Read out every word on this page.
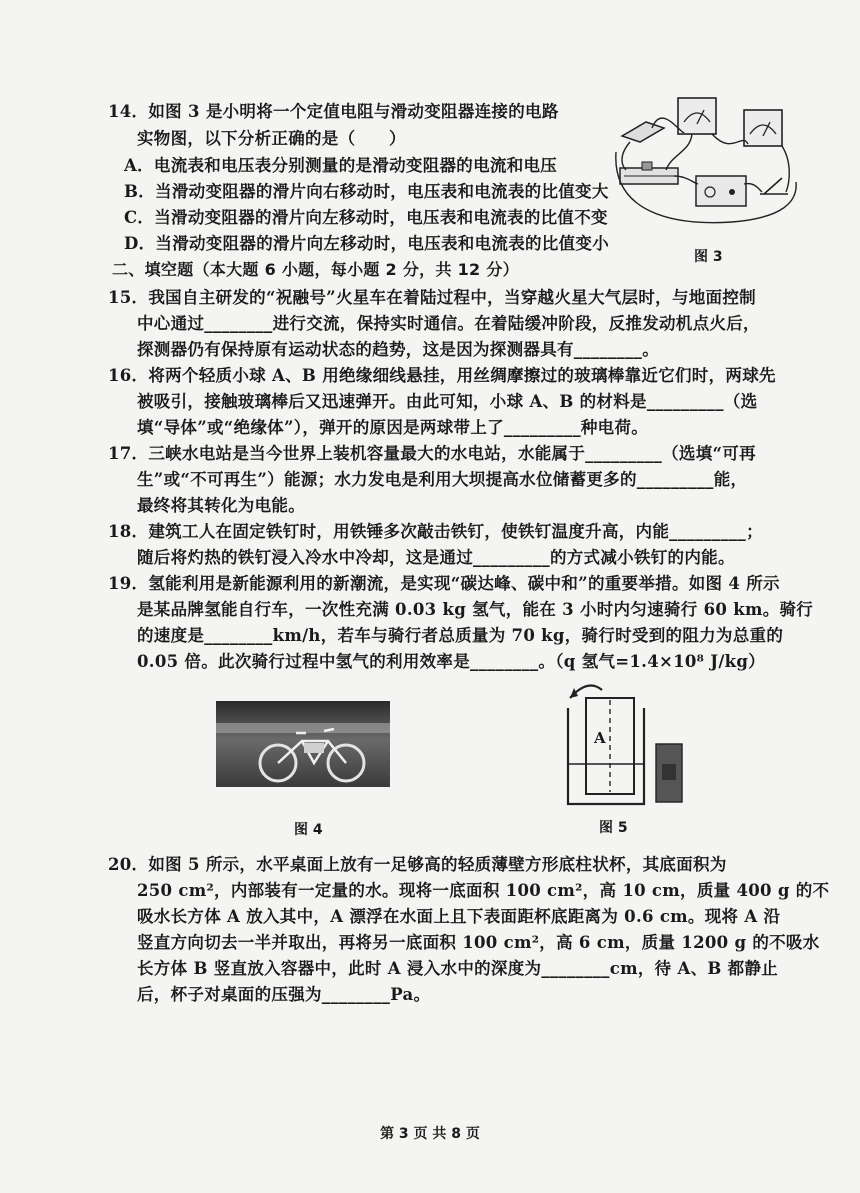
14．如图 3 是小明将一个定值电阻与滑动变阻器连接的电路
实物图，以下分析正确的是（　　）
A．电流表和电压表分别测量的是滑动变阻器的电流和电压
B．当滑动变阻器的滑片向右移动时，电压表和电流表的比值变大
C．当滑动变阻器的滑片向左移动时，电压表和电流表的比值不变
D．当滑动变阻器的滑片向左移动时，电压表和电流表的比值变小
图 3
二、填空题（本大题 6 小题，每小题 2 分，共 12 分）
15．我国自主研发的“祝融号”火星车在着陆过程中，当穿越火星大气层时，与地面控制
中心通过________进行交流，保持实时通信。在着陆缓冲阶段，反推发动机点火后，
探测器仍有保持原有运动状态的趋势，这是因为探测器具有________。
16．将两个轻质小球 A、B 用绝缘细线悬挂，用丝绸摩擦过的玻璃棒靠近它们时，两球先
被吸引，接触玻璃棒后又迅速弹开。由此可知，小球 A、B 的材料是_________（选
填“导体”或“绝缘体”），弹开的原因是两球带上了_________种电荷。
17．三峡水电站是当今世界上装机容量最大的水电站，水能属于_________（选填“可再
生”或“不可再生”）能源；水力发电是利用大坝提高水位储蓄更多的_________能，
最终将其转化为电能。
18．建筑工人在固定铁钉时，用铁锤多次敲击铁钉，使铁钉温度升高，内能_________；
随后将灼热的铁钉浸入冷水中冷却，这是通过_________的方式减小铁钉的内能。
19．氢能利用是新能源利用的新潮流，是实现“碳达峰、碳中和”的重要举措。如图 4 所示
是某品牌氢能自行车，一次性充满 0.03 kg 氢气，能在 3 小时内匀速骑行 60 km。骑行
的速度是________km/h，若车与骑行者总质量为 70 kg，骑行时受到的阻力为总重的
0.05 倍。此次骑行过程中氢气的利用效率是________。（q 氢气=1.4×10⁸ J/kg）
图 4
A
图 5
20．如图 5 所示，水平桌面上放有一足够高的轻质薄壁方形底柱状杯，其底面积为
250 cm²，内部装有一定量的水。现将一底面积 100 cm²，高 10 cm，质量 400 g 的不
吸水长方体 A 放入其中，A 漂浮在水面上且下表面距杯底距离为 0.6 cm。现将 A 沿
竖直方向切去一半并取出，再将另一底面积 100 cm²，高 6 cm，质量 1200 g 的不吸水
长方体 B 竖直放入容器中，此时 A 浸入水中的深度为________cm，待 A、B 都静止
后，杯子对桌面的压强为________Pa。
第 3 页 共 8 页
